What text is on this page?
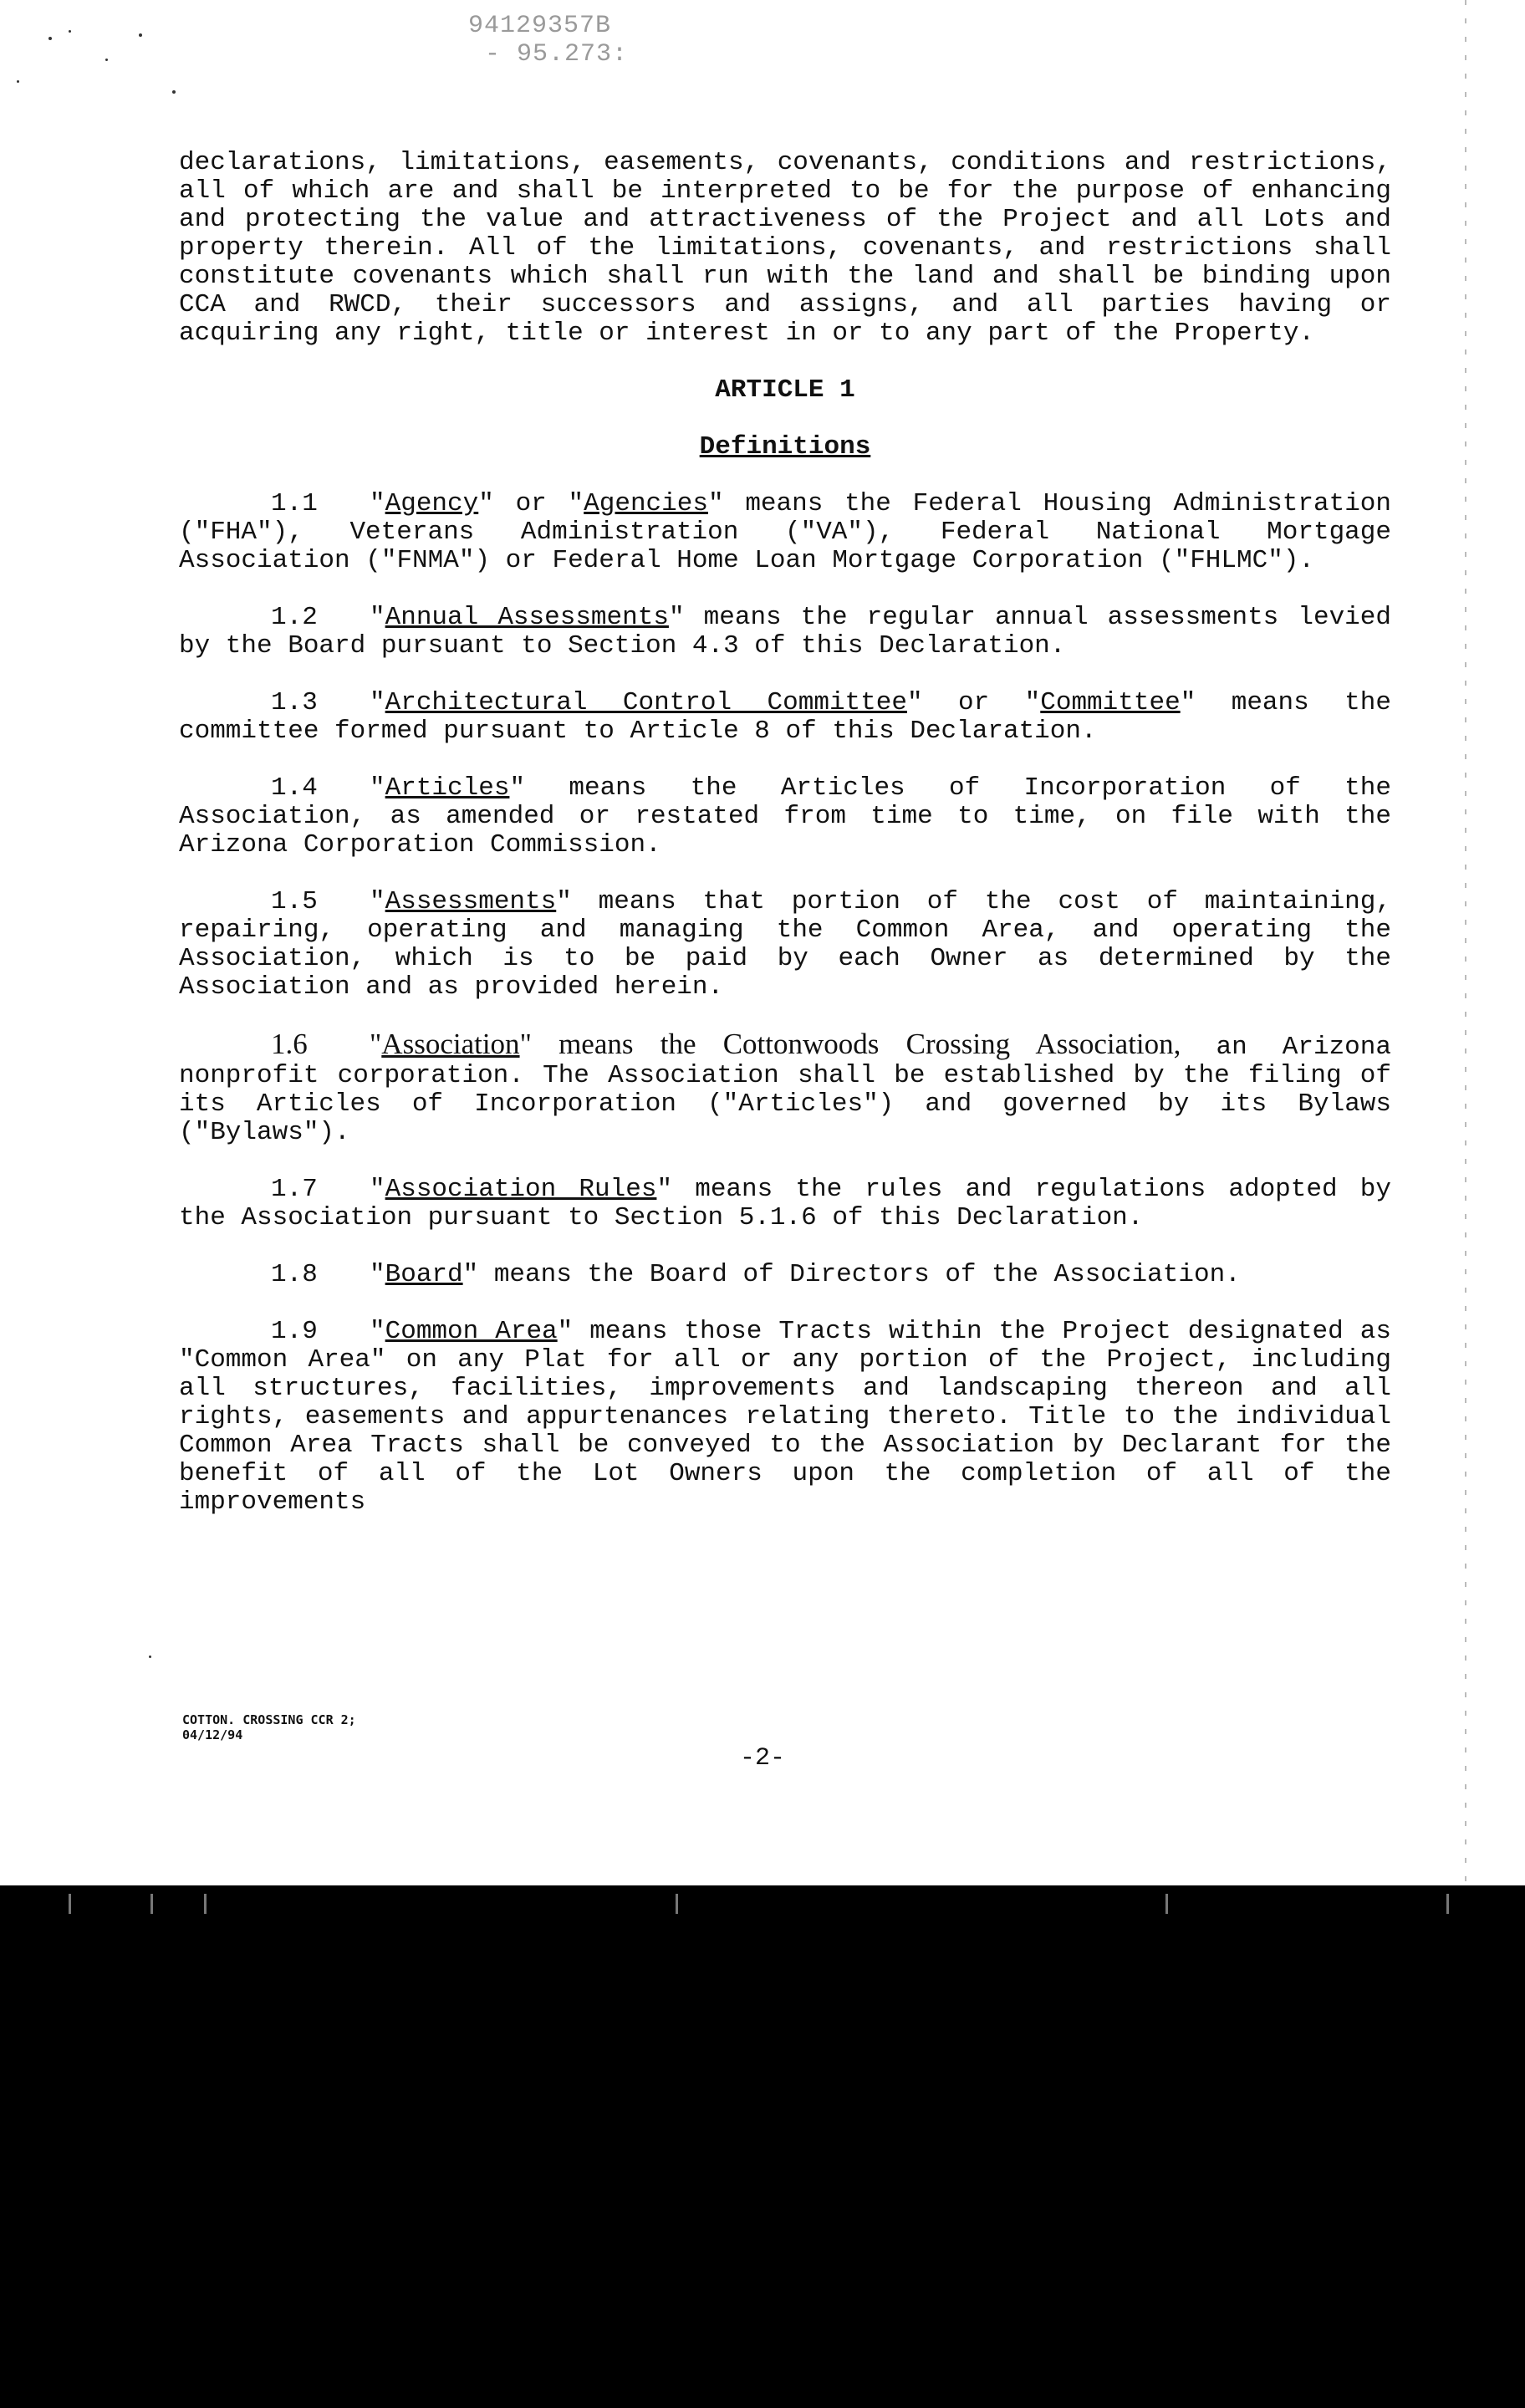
94129357B
- 95.273:

declarations, limitations, easements, covenants, conditions and restrictions, all of which are and shall be interpreted to be for the purpose of enhancing and protecting the value and attractiveness of the Project and all Lots and property therein. All of the limitations, covenants, and restrictions shall constitute covenants which shall run with the land and shall be binding upon CCA and RWCD, their successors and assigns, and all parties having or acquiring any right, title or interest in or to any part of the Property.

ARTICLE 1

Definitions

1.1 "Agency" or "Agencies" means the Federal Housing Administration ("FHA"), Veterans Administration ("VA"), Federal National Mortgage Association ("FNMA") or Federal Home Loan Mortgage Corporation ("FHLMC").

1.2 "Annual Assessments" means the regular annual assessments levied by the Board pursuant to Section 4.3 of this Declaration.

1.3 "Architectural Control Committee" or "Committee" means the committee formed pursuant to Article 8 of this Declaration.

1.4 "Articles" means the Articles of Incorporation of the Association, as amended or restated from time to time, on file with the Arizona Corporation Commission.

1.5 "Assessments" means that portion of the cost of maintaining, repairing, operating and managing the Common Area, and operating the Association, which is to be paid by each Owner as determined by the Association and as provided herein.

1.6 "Association" means the Cottonwoods Crossing Association, an Arizona nonprofit corporation. The Association shall be established by the filing of its Articles of Incorporation ("Articles") and governed by its Bylaws ("Bylaws").

1.7 "Association Rules" means the rules and regulations adopted by the Association pursuant to Section 5.1.6 of this Declaration.

1.8 "Board" means the Board of Directors of the Association.

1.9 "Common Area" means those Tracts within the Project designated as "Common Area" on any Plat for all or any portion of the Project, including all structures, facilities, improvements and landscaping thereon and all rights, easements and appurtenances relating thereto. Title to the individual Common Area Tracts shall be conveyed to the Association by Declarant for the benefit of all of the Lot Owners upon the completion of all of the improvements

COTTON. CROSSING CCR 2;
04/12/94
-2-
